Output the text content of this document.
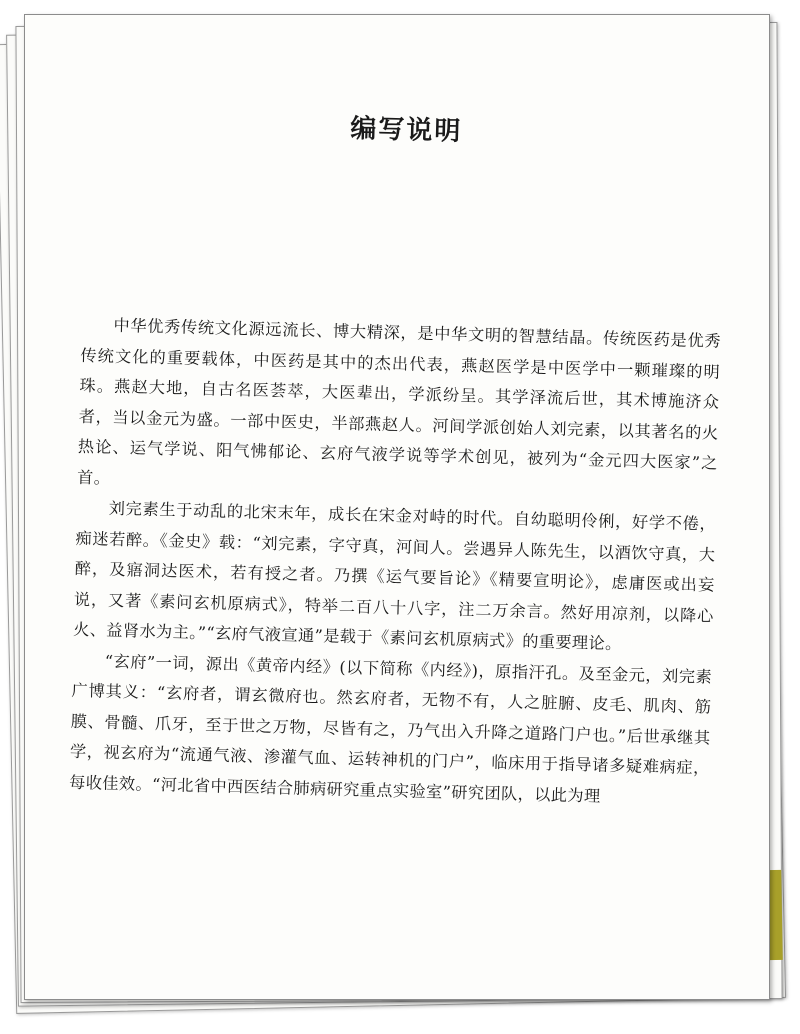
编写说明

中华优秀传统文化源远流长、博大精深，是中华文明的智慧结晶。传统医药是优秀传统文化的重要载体，中医药是其中的杰出代表，燕赵医学是中医学中一颗璀璨的明珠。燕赵大地，自古名医荟萃，大医辈出，学派纷呈。其学泽流后世，其术博施济众者，当以金元为盛。一部中医史，半部燕赵人。河间学派创始人刘完素，以其著名的火热论、运气学说、阳气怫郁论、玄府气液学说等学术创见，被列为“金元四大医家”之首。

刘完素生于动乱的北宋末年，成长在宋金对峙的时代。自幼聪明伶俐，好学不倦，痴迷若醉。《金史》载：“刘完素，字守真，河间人。尝遇异人陈先生，以酒饮守真，大醉，及寤洞达医术，若有授之者。乃撰《运气要旨论》《精要宣明论》，虑庸医或出妄说，又著《素问玄机原病式》，特举二百八十八字，注二万余言。然好用凉剂，以降心火、益肾水为主。”“玄府气液宣通”是载于《素问玄机原病式》的重要理论。

“玄府”一词，源出《黄帝内经》(以下简称《内经》)，原指汗孔。及至金元，刘完素广博其义：“玄府者，谓玄微府也。然玄府者，无物不有，人之脏腑、皮毛、肌肉、筋膜、骨髓、爪牙，至于世之万物，尽皆有之，乃气出入升降之道路门户也。”后世承继其学，视玄府为“流通气液、渗灌气血、运转神机的门户”，临床用于指导诸多疑难病症，每收佳效。“河北省中西医结合肺病研究重点实验室”研究团队，以此为理
